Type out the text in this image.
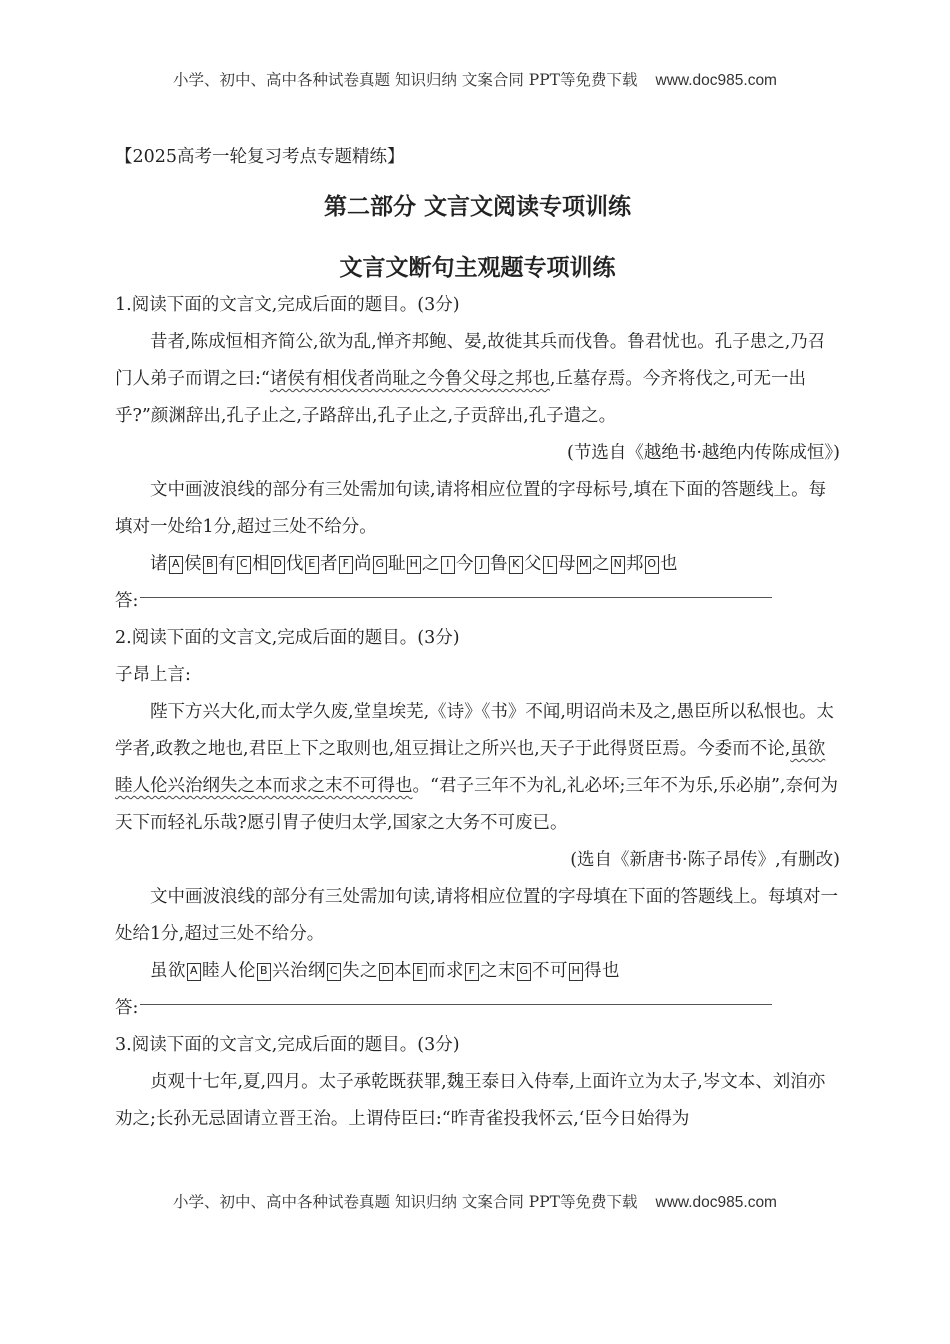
小学、初中、高中各种试卷真题 知识归纳 文案合同 PPT等免费下载 www.doc985.com
【2025高考一轮复习考点专题精练】
第二部分 文言文阅读专项训练
文言文断句主观题专项训练

1.阅读下面的文言文,完成后面的题目。(3分)

昔者,陈成恒相齐简公,欲为乱,惮齐邦鲍、晏,故徙其兵而伐鲁。鲁君忧也。孔子患之,乃召门人弟子而谓之曰:“诸侯有相伐者尚耻之今鲁父母之邦也,丘墓存焉。今齐将伐之,可无一出乎?”颜渊辞出,孔子止之,子路辞出,孔子止之,子贡辞出,孔子遣之。

(节选自《越绝书·越绝内传陈成恒》)

文中画波浪线的部分有三处需加句读,请将相应位置的字母标号,填在下面的答题线上。每填对一处给1分,超过三处不给分。

诸 A 侯 B 有 C 相 D 伐 E 者 F 尚 G 耻 H 之 I 今 J 鲁 K 父 L 母 M 之 N 邦 O 也

答:

2.阅读下面的文言文,完成后面的题目。(3分)

子昂上言:

陛下方兴大化,而太学久废,堂皇埃芜,《诗》《书》不闻,明诏尚未及之,愚臣所以私恨也。太学者,政教之地也,君臣上下之取则也,俎豆揖让之所兴也,天子于此得贤臣焉。今委而不论,虽欲睦人伦兴治纲失之本而求之末不可得也。“君子三年不为礼,礼必坏;三年不为乐,乐必崩”,奈何为天下而轻礼乐哉?愿引胄子使归太学,国家之大务不可废已。

(选自《新唐书·陈子昂传》,有删改)

文中画波浪线的部分有三处需加句读,请将相应位置的字母填在下面的答题线上。每填对一处给1分,超过三处不给分。

虽欲 A 睦人伦 B 兴治纲 C 失之 D 本 E 而求 F 之末 G 不可 H 得也

答:

3.阅读下面的文言文,完成后面的题目。(3分)

贞观十七年,夏,四月。太子承乾既获罪,魏王泰日入侍奉,上面许立为太子,岑文本、刘洎亦劝之;长孙无忌固请立晋王治。上谓侍臣曰:“昨青雀投我怀云,‘臣今日始得为

小学、初中、高中各种试卷真题 知识归纳 文案合同 PPT等免费下载 www.doc985.com
